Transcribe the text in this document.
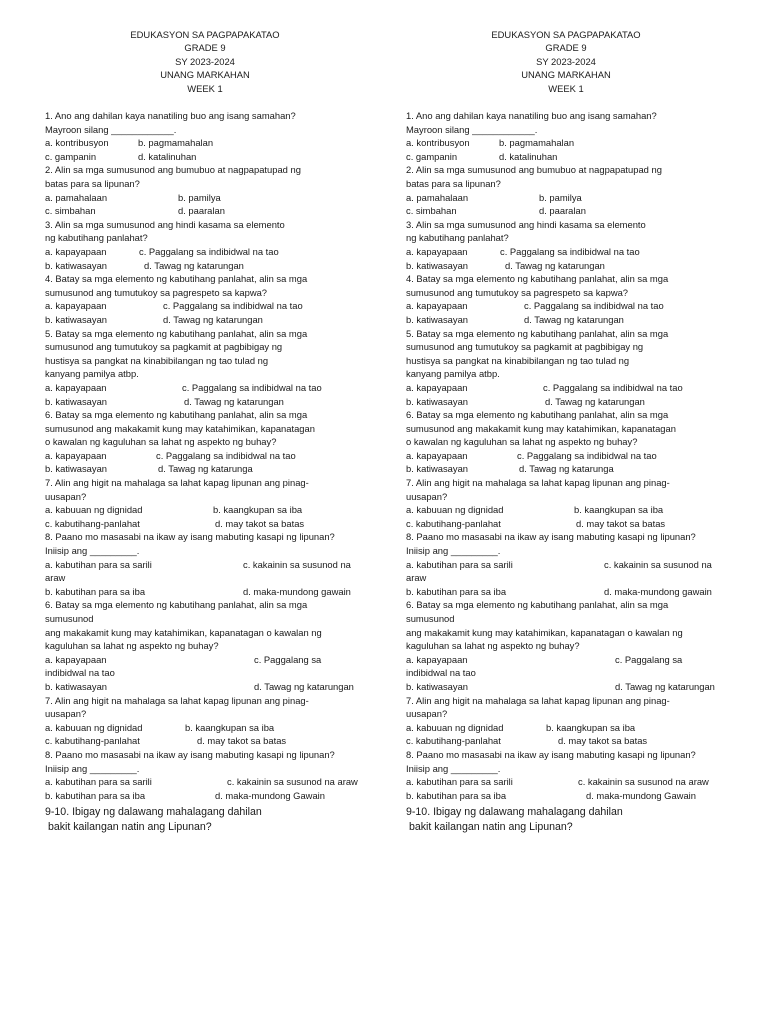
EDUKASYON SA PAGPAPAKATAO
GRADE 9
SY 2023-2024
UNANG MARKAHAN
WEEK 1
1. Ano ang dahilan kaya nanatiling buo ang isang samahan?
Mayroon silang ____________.
a. kontribusyon	b. pagmamahalan
c. gampanin	d. katalinuhan
2. Alin sa mga sumusunod ang bumubuo at nagpapatupad ng
batas para sa lipunan?
a. pamahalaan	b. pamilya
c. simbahan	d. paaralan
3. Alin sa mga sumusunod ang hindi kasama sa elemento
ng kabutihang panlahat?
a. kapayapaan	c. Paggalang sa indibidwal na tao
b. katiwasayan	d. Tawag ng katarungan
4. Batay sa mga elemento ng kabutihang panlahat, alin sa mga
sumusunod ang tumutukoy sa pagrespeto sa kapwa?
a. kapayapaan	c. Paggalang sa indibidwal na tao
b. katiwasayan	d. Tawag ng katarungan
5. Batay sa mga elemento ng kabutihang panlahat, alin sa mga
sumusunod ang tumutukoy sa pagkamit at pagbibigay ng
hustisya sa pangkat na kinabibilangan ng tao tulad ng
kanyang pamilya atbp.
a. kapayapaan	c. Paggalang sa indibidwal na tao
b. katiwasayan	d. Tawag ng katarungan
6. Batay sa mga elemento ng kabutihang panlahat, alin sa mga
sumusunod ang makakamit kung may katahimikan, kapanatagan
o kawalan ng kaguluhan sa lahat ng aspekto ng buhay?
a. kapayapaan	c. Paggalang sa indibidwal na tao
b. katiwasayan	d. Tawag ng katarunga
7. Alin ang higit na mahalaga sa lahat kapag lipunan ang pinag-
uusapan?
a. kabuuan ng dignidad	b. kaangkupan sa iba
c. kabutihang-panlahat	d. may takot sa batas
8. Paano mo masasabi na ikaw ay isang mabuting kasapi ng lipunan?
Iniisip ang _________.
a. kabutihan para sa sarili	c. kakainin sa susunod na
araw
b. kabutihan para sa iba	d. maka-mundong gawain
6. Batay sa mga elemento ng kabutihang panlahat, alin sa mga
sumusunod
ang makakamit kung may katahimikan, kapanatagan o kawalan ng
kaguluhan sa lahat ng aspekto ng buhay?
a. kapayapaan	c. Paggalang sa
indibidwal na tao
b. katiwasayan	d. Tawag ng katarungan
7. Alin ang higit na mahalaga sa lahat kapag lipunan ang pinag-
uusapan?
a. kabuuan ng dignidad	b. kaangkupan sa iba
c. kabutihang-panlahat	d. may takot sa batas
8. Paano mo masasabi na ikaw ay isang mabuting kasapi ng lipunan?
Iniisip ang _________.
a. kabutihan para sa sarili	c. kakainin sa susunod na araw
b. kabutihan para sa iba	d. maka-mundong Gawain
9-10. Ibigay ng dalawang mahalagang dahilan
bakit kailangan natin ang Lipunan?
EDUKASYON SA PAGPAPAKATAO
GRADE 9
SY 2023-2024
UNANG MARKAHAN
WEEK 1
1. Ano ang dahilan kaya nanatiling buo ang isang samahan?
Mayroon silang ____________.
a. kontribusyon	b. pagmamahalan
c. gampanin	d. katalinuhan
2. Alin sa mga sumusunod ang bumubuo at nagpapatupad ng
batas para sa lipunan?
a. pamahalaan	b. pamilya
c. simbahan	d. paaralan
3. Alin sa mga sumusunod ang hindi kasama sa elemento
ng kabutihang panlahat?
a. kapayapaan	c. Paggalang sa indibidwal na tao
b. katiwasayan	d. Tawag ng katarungan
4. Batay sa mga elemento ng kabutihang panlahat, alin sa mga
sumusunod ang tumutukoy sa pagrespeto sa kapwa?
a. kapayapaan	c. Paggalang sa indibidwal na tao
b. katiwasayan	d. Tawag ng katarungan
5. Batay sa mga elemento ng kabutihang panlahat, alin sa mga
sumusunod ang tumutukoy sa pagkamit at pagbibigay ng
hustisya sa pangkat na kinabibilangan ng tao tulad ng
kanyang pamilya atbp.
a. kapayapaan	c. Paggalang sa indibidwal na tao
b. katiwasayan	d. Tawag ng katarungan
6. Batay sa mga elemento ng kabutihang panlahat, alin sa mga
sumusunod ang makakamit kung may katahimikan, kapanatagan
o kawalan ng kaguluhan sa lahat ng aspekto ng buhay?
a. kapayapaan	c. Paggalang sa indibidwal na tao
b. katiwasayan	d. Tawag ng katarunga
7. Alin ang higit na mahalaga sa lahat kapag lipunan ang pinag-
uusapan?
a. kabuuan ng dignidad	b. kaangkupan sa iba
c. kabutihang-panlahat	d. may takot sa batas
8. Paano mo masasabi na ikaw ay isang mabuting kasapi ng lipunan?
Iniisip ang _________.
a. kabutihan para sa sarili	c. kakainin sa susunod na
araw
b. kabutihan para sa iba	d. maka-mundong gawain
6. Batay sa mga elemento ng kabutihang panlahat, alin sa mga
sumusunod
ang makakamit kung may katahimikan, kapanatagan o kawalan ng
kaguluhan sa lahat ng aspekto ng buhay?
a. kapayapaan	c. Paggalang sa
indibidwal na tao
b. katiwasayan	d. Tawag ng katarungan
7. Alin ang higit na mahalaga sa lahat kapag lipunan ang pinag-
uusapan?
a. kabuuan ng dignidad	b. kaangkupan sa iba
c. kabutihang-panlahat	d. may takot sa batas
8. Paano mo masasabi na ikaw ay isang mabuting kasapi ng lipunan?
Iniisip ang _________.
a. kabutihan para sa sarili	c. kakainin sa susunod na araw
b. kabutihan para sa iba	d. maka-mundong Gawain
9-10. Ibigay ng dalawang mahalagang dahilan
bakit kailangan natin ang Lipunan?
